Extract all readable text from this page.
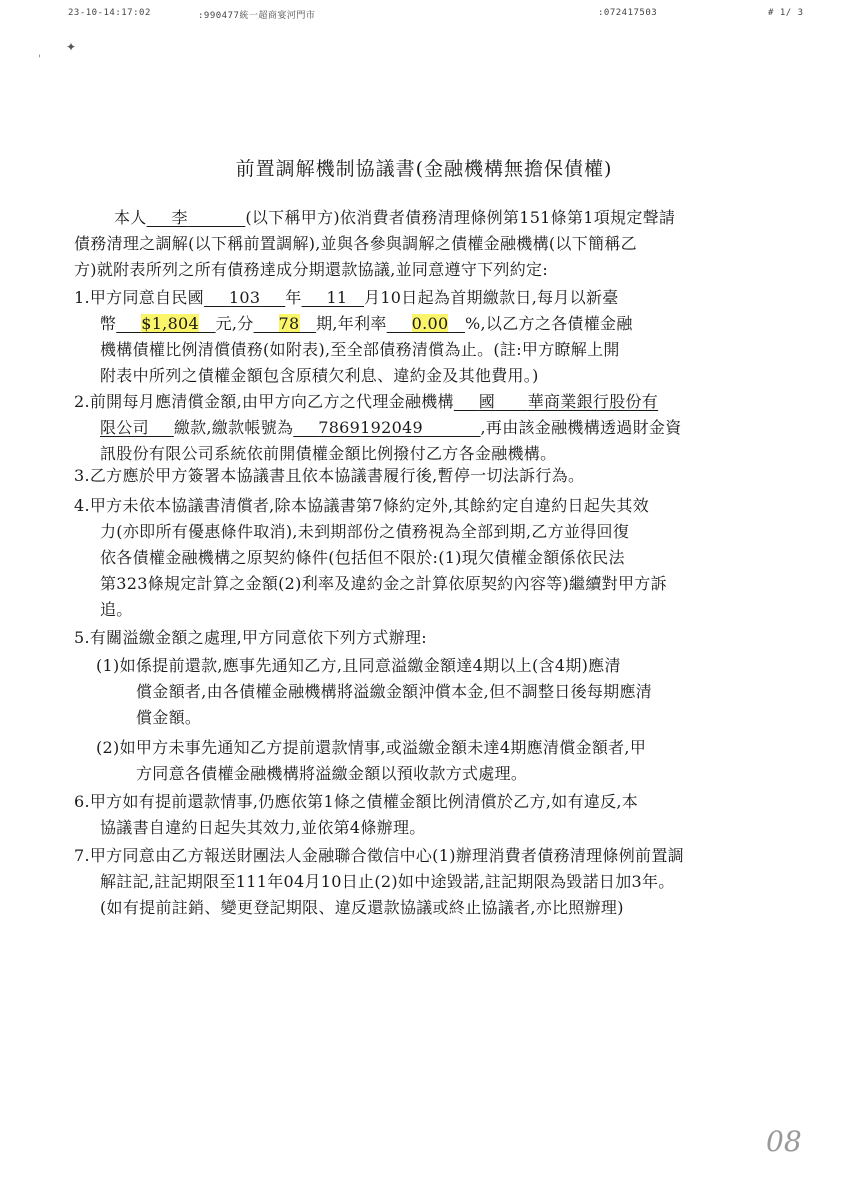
23-10-14:17:02	:990477統一超商宴河門市	:072417503	# 1/ 3
✦
'
前置調解機制協議書(金融機構無擔保債權)
本人___李　　___(以下稱甲方)依消費者債務清理條例第151條第1項規定聲請
債務清理之調解(以下稱前置調解),並與各參與調解之債權金融機構(以下簡稱乙
方)就附表所列之所有債務達成分期還款協議,並同意遵守下列約定:
1.甲方同意自民國___103___年___11__月10日起為首期繳款日,每月以新臺
幣___$1,804__元,分___78__期,年利率___0.00__%,以乙方之各債權金融
機構債權比例清償債務(如附表),至全部債務清償為止。(註:甲方瞭解上開
附表中所列之債權金額包含原積欠利息、違約金及其他費用。)
2.前開每月應清償金額,由甲方向乙方之代理金融機構___國　　 華商業銀行股份有
限公司___繳款,繳款帳號為___7869192049　　___,再由該金融機構透過財金資
訊股份有限公司系統依前開債權金額比例撥付乙方各金融機構。
3.乙方應於甲方簽署本協議書且依本協議書履行後,暫停一切法訴行為。
4.甲方未依本協議書清償者,除本協議書第7條約定外,其餘約定自違約日起失其效
力(亦即所有優惠條件取消),未到期部份之債務視為全部到期,乙方並得回復
依各債權金融機構之原契約條件(包括但不限於:(1)現欠債權金額係依民法
第323條規定計算之金額(2)利率及違約金之計算依原契約內容等)繼續對甲方訴
追。
5.有關溢繳金額之處理,甲方同意依下列方式辦理:
(1)如係提前還款,應事先通知乙方,且同意溢繳金額達4期以上(含4期)應清
償金額者,由各債權金融機構將溢繳金額沖償本金,但不調整日後每期應清
償金額。
(2)如甲方未事先通知乙方提前還款情事,或溢繳金額未達4期應清償金額者,甲
方同意各債權金融機構將溢繳金額以預收款方式處理。
6.甲方如有提前還款情事,仍應依第1條之債權金額比例清償於乙方,如有違反,本
協議書自違約日起失其效力,並依第4條辦理。
7.甲方同意由乙方報送財團法人金融聯合徵信中心(1)辦理消費者債務清理條例前置調
解註記,註記期限至111年04月10日止(2)如中途毀諾,註記期限為毀諾日加3年。
(如有提前註銷、變更登記期限、違反還款協議或終止協議者,亦比照辦理)
08
